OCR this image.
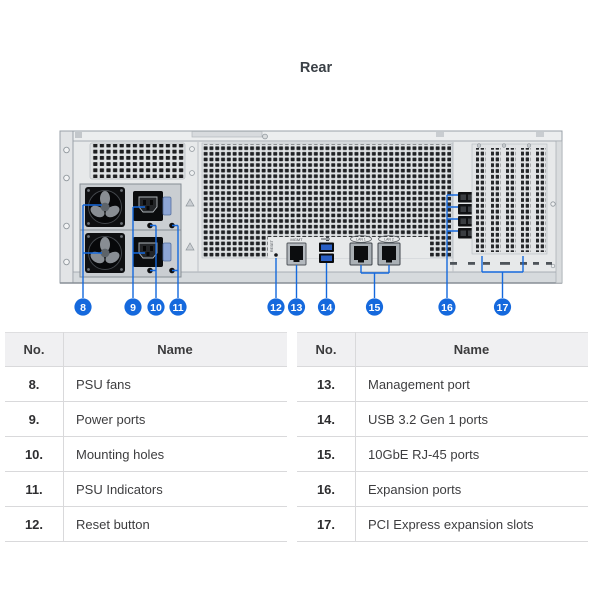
Rear
RESET
MGMT	LAN 1	LAN 2
8	9 10 11	12 13 14	15	16	17
No.	Name
8.	PSU fans
9.	Power ports
10.	Mounting holes
11.	PSU Indicators
12.	Reset button
No.	Name
13.	Management port
14.	USB 3.2 Gen 1 ports
15.	10GbE RJ-45 ports
16.	Expansion ports
17.	PCI Express expansion slots
